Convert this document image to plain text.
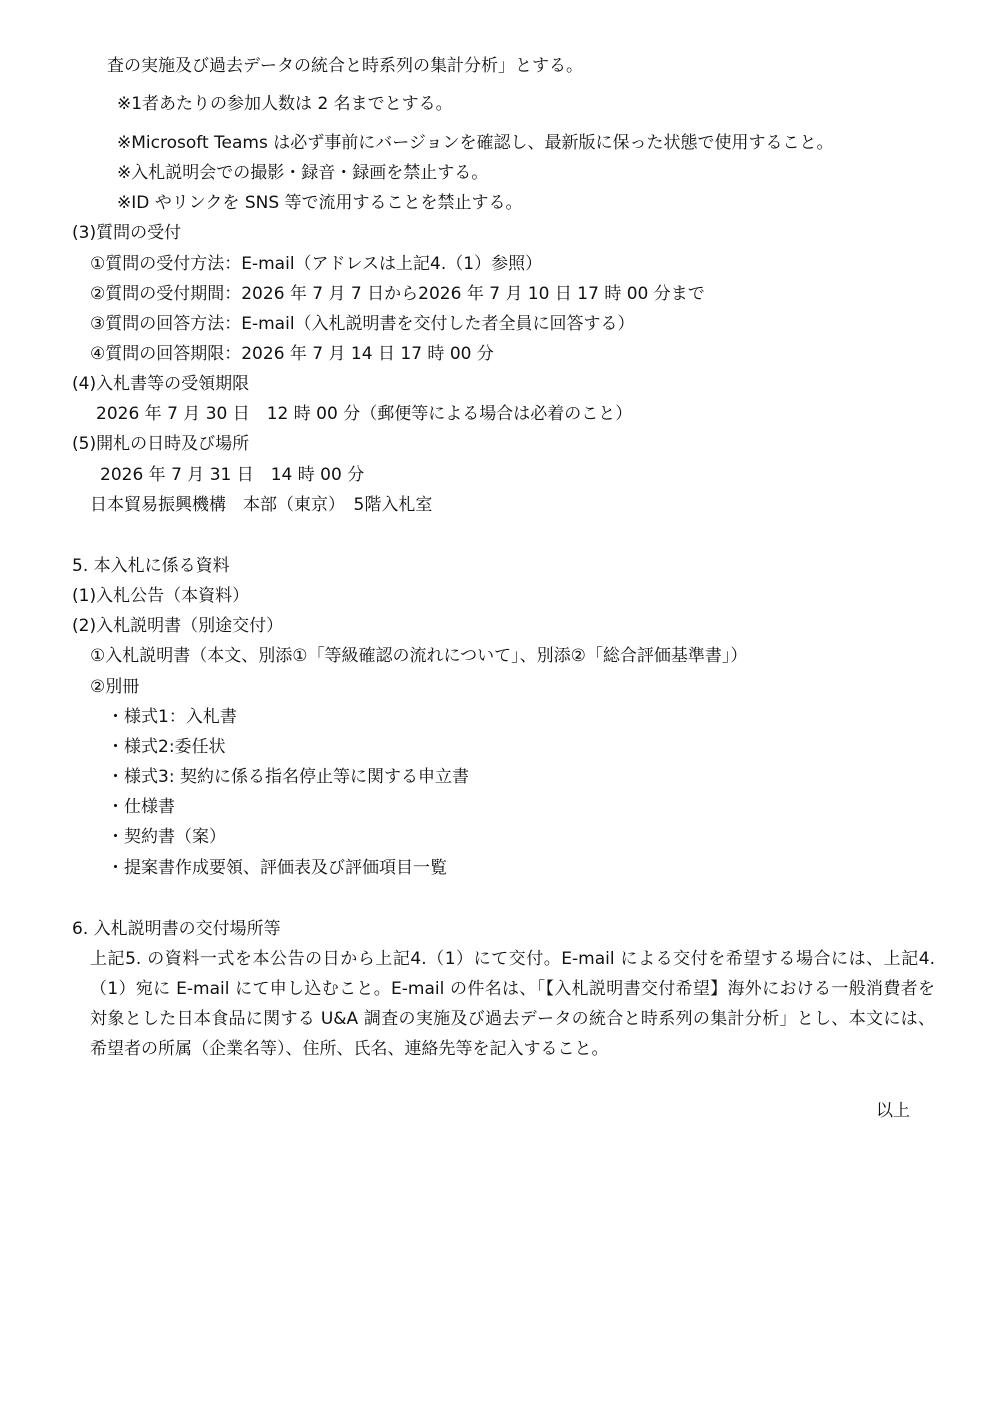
査の実施及び過去データの統合と時系列の集計分析」とする。
※1者あたりの参加人数は 2 名までとする。
※Microsoft Teams は必ず事前にバージョンを確認し、最新版に保った状態で使用すること。
※入札説明会での撮影・録音・録画を禁止する。
※ID やリンクを SNS 等で流用することを禁止する。
(3)質問の受付
①質問の受付方法：E-mail（アドレスは上記4.（1）参照）
②質問の受付期間：2026 年 7 月 7 日から2026 年 7 月 10 日 17 時 00 分まで
③質問の回答方法：E-mail（入札説明書を交付した者全員に回答する）
④質問の回答期限：2026 年 7 月 14 日 17 時 00 分
(4)入札書等の受領期限
2026 年 7 月 30 日　12 時 00 分（郵便等による場合は必着のこと）
(5)開札の日時及び場所
2026 年 7 月 31 日　14 時 00 分
日本貿易振興機構　本部（東京）　5階入札室
5. 本入札に係る資料
(1)入札公告（本資料）
(2)入札説明書（別途交付）
①入札説明書（本文、別添①「等級確認の流れについて」、別添②「総合評価基準書」）
②別冊
・様式1：入札書
・様式2:委任状
・様式3: 契約に係る指名停止等に関する申立書
・仕様書
・契約書（案）
・提案書作成要領、評価表及び評価項目一覧
6. 入札説明書の交付場所等
上記5. の資料一式を本公告の日から上記4.（1）にて交付。E-mail による交付を希望する場合には、上記4.（1）宛に E-mail にて申し込むこと。E-mail の件名は、「【入札説明書交付希望】海外における一般消費者を対象とした日本食品に関する U&A 調査の実施及び過去データの統合と時系列の集計分析」とし、本文には、希望者の所属（企業名等）、住所、氏名、連絡先等を記入すること。
以上
